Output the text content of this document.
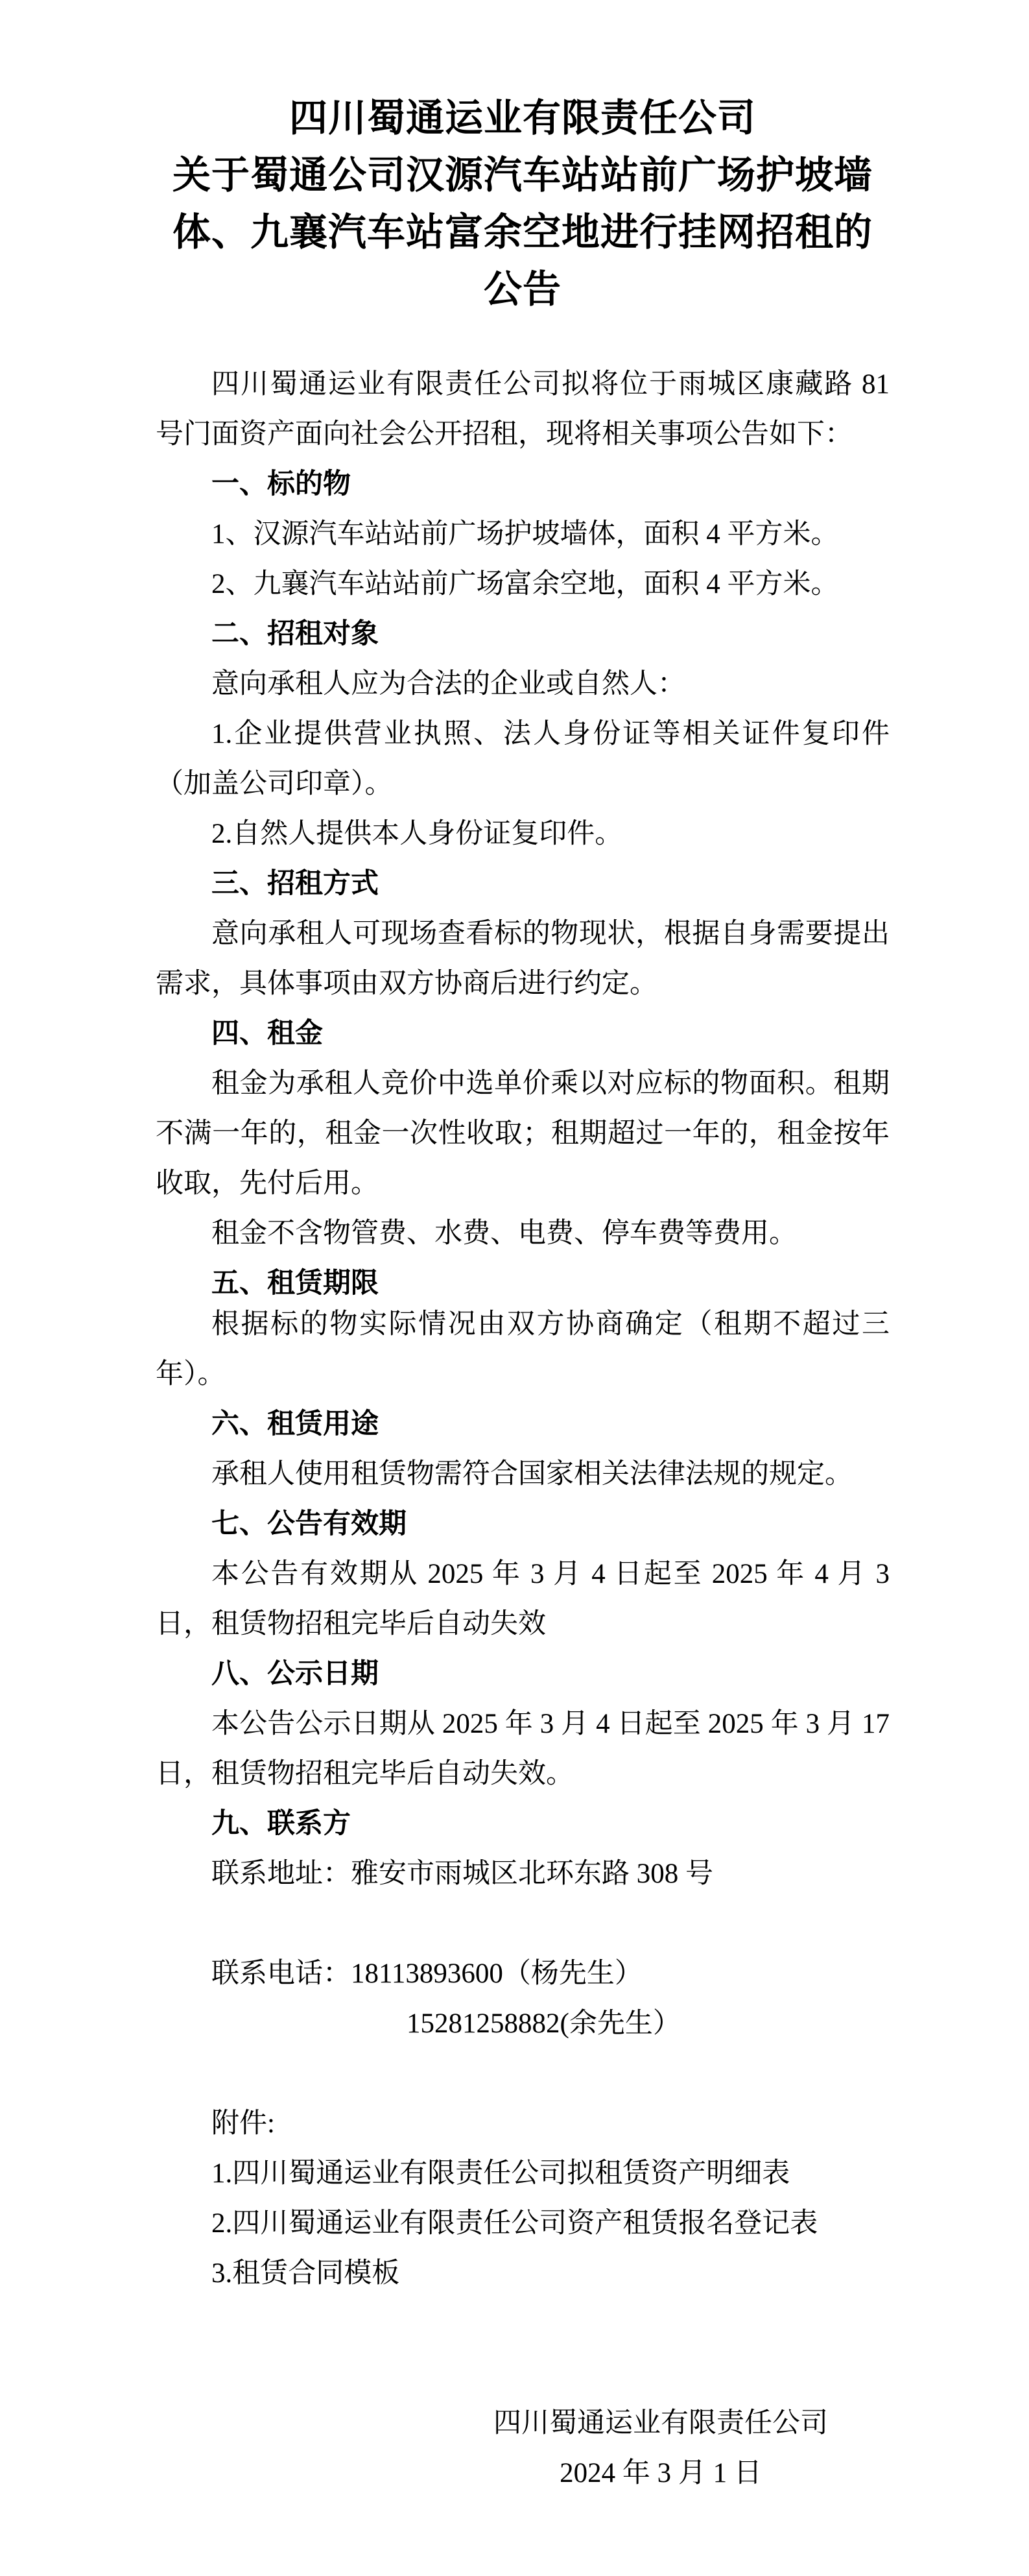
四川蜀通运业有限责任公司
关于蜀通公司汉源汽车站站前广场护坡墙
体、九襄汽车站富余空地进行挂网招租的
公告

四川蜀通运业有限责任公司拟将位于雨城区康藏路 81 号门面资产面向社会公开招租，现将相关事项公告如下：

一、标的物

1、汉源汽车站站前广场护坡墙体，面积 4 平方米。

2、九襄汽车站站前广场富余空地，面积 4 平方米。

二、招租对象

意向承租人应为合法的企业或自然人：

1.企业提供营业执照、法人身份证等相关证件复印件（加盖公司印章）。

2.自然人提供本人身份证复印件。

三、招租方式

意向承租人可现场查看标的物现状，根据自身需要提出需求，具体事项由双方协商后进行约定。

四、租金

租金为承租人竞价中选单价乘以对应标的物面积。租期不满一年的，租金一次性收取；租期超过一年的，租金按年收取，先付后用。

租金不含物管费、水费、电费、停车费等费用。

五、租赁期限

根据标的物实际情况由双方协商确定（租期不超过三年）。

六、租赁用途

承租人使用租赁物需符合国家相关法律法规的规定。

七、公告有效期

本公告有效期从 2025 年 3 月 4 日起至 2025 年 4 月 3 日，租赁物招租完毕后自动失效

八、公示日期

本公告公示日期从 2025 年 3 月 4 日起至 2025 年 3 月 17 日，租赁物招租完毕后自动失效。

九、联系方

联系地址：雅安市雨城区北环东路 308 号

联系电话：18113893600（杨先生）

15281258882(余先生）

附件:

1.四川蜀通运业有限责任公司拟租赁资产明细表

2.四川蜀通运业有限责任公司资产租赁报名登记表

3.租赁合同模板

四川蜀通运业有限责任公司
2024 年 3 月 1 日
